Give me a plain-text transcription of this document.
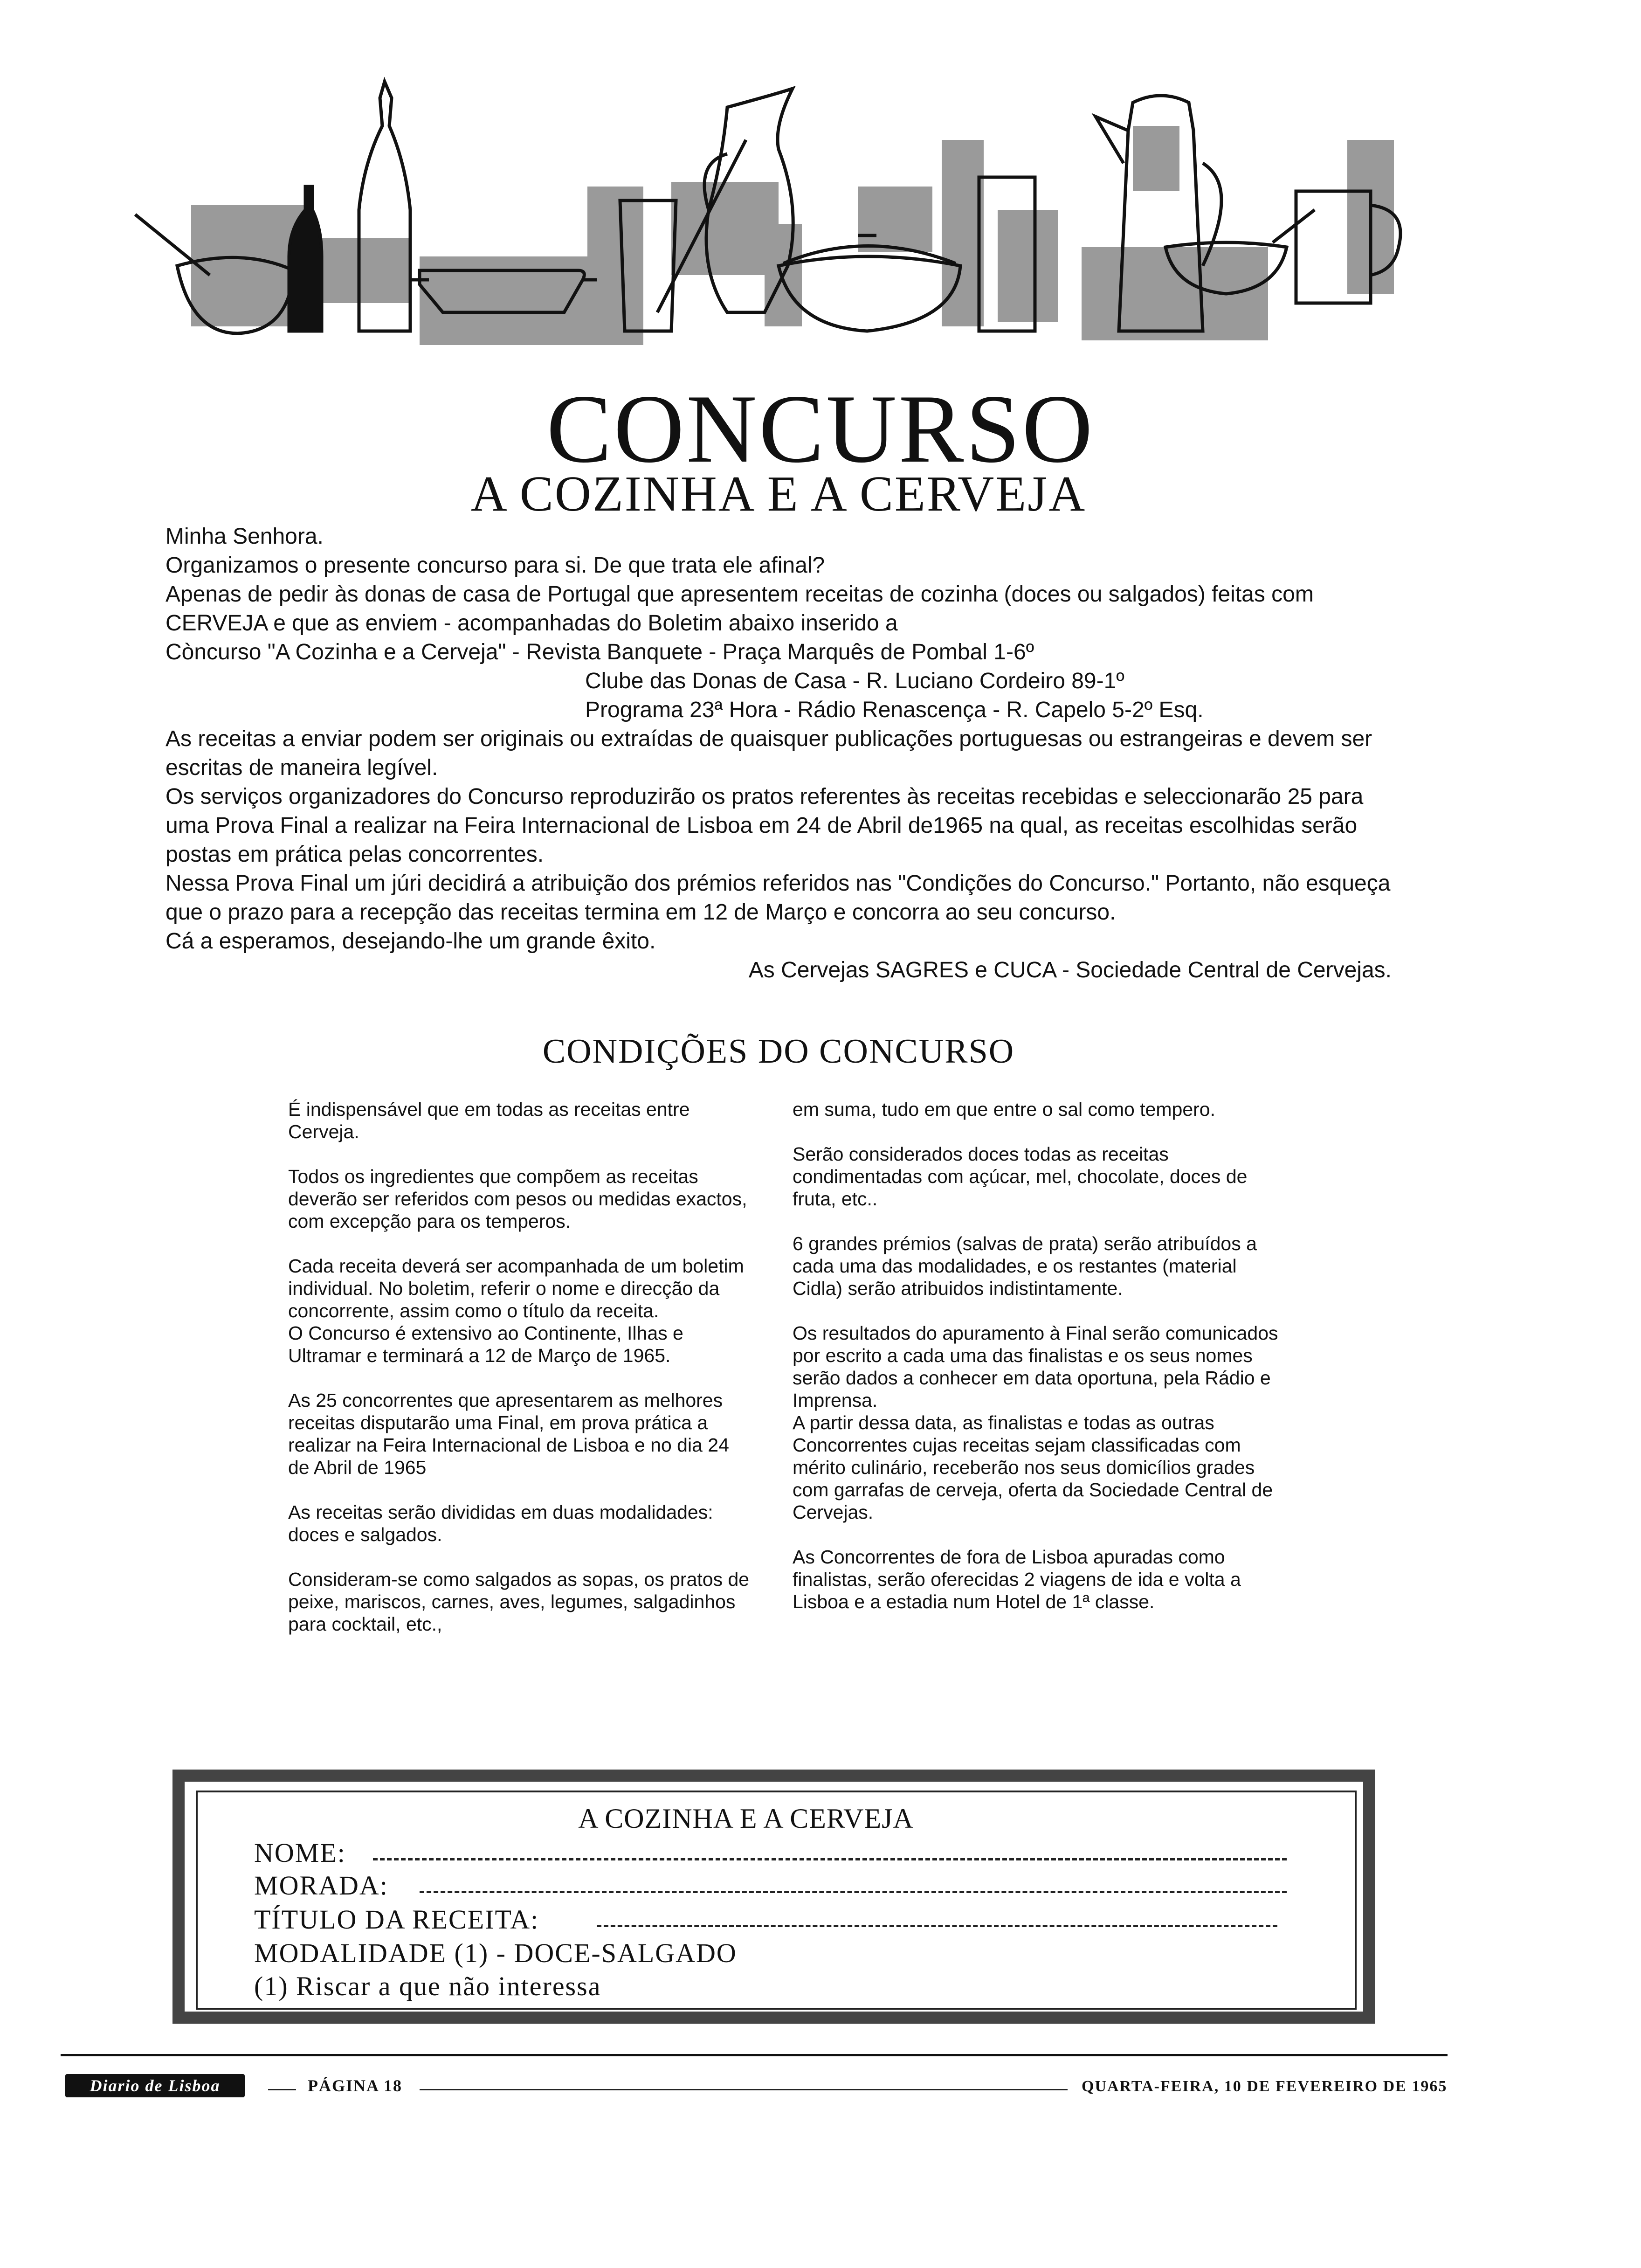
CONCURSO
A COZINHA E A CERVEJA

Minha Senhora.

Organizamos o presente concurso para si. De que trata ele afinal?

Apenas de pedir às donas de casa de Portugal que apresentem receitas de cozinha (doces ou salgados) feitas com CERVEJA e que as enviem - acompanhadas do Boletim abaixo inserido a

Còncurso "A Cozinha e a Cerveja" - Revista Banquete - Praça Marquês de Pombal 1-6º

Clube das Donas de Casa - R. Luciano Cordeiro 89-1º

Programa 23ª Hora - Rádio Renascença - R. Capelo 5-2º Esq.

As receitas a enviar podem ser originais ou extraídas de quaisquer publicações portuguesas ou estrangeiras e devem ser escritas de maneira legível.

Os serviços organizadores do Concurso reproduzirão os pratos referentes às receitas recebidas e seleccionarão 25 para uma Prova Final a realizar na Feira Internacional de Lisboa em 24 de Abril de1965 na qual, as receitas escolhidas serão postas em prática pelas concorrentes.

Nessa Prova Final um júri decidirá a atribuição dos prémios referidos nas "Condições do Concurso." Portanto, não esqueça que o prazo para a recepção das receitas termina em 12 de Março e concorra ao seu concurso.

Cá a esperamos, desejando-lhe um grande êxito.

As Cervejas SAGRES e CUCA - Sociedade Central de Cervejas.

CONDIÇÕES DO CONCURSO

É indispensável que em todas as receitas entre Cerveja.

Todos os ingredientes que compõem as receitas deverão ser referidos com pesos ou medidas exactos, com excepção para os temperos.

Cada receita deverá ser acompanhada de um boletim individual. No boletim, referir o nome e direcção da concorrente, assim como o título da receita.

O Concurso é extensivo ao Continente, Ilhas e Ultramar e terminará a 12 de Março de 1965.

As 25 concorrentes que apresentarem as melhores receitas disputarão uma Final, em prova prática a realizar na Feira Internacional de Lisboa e no dia 24 de Abril de 1965

As receitas serão divididas em duas modalidades: doces e salgados.

Consideram-se como salgados as sopas, os pratos de peixe, mariscos, carnes, aves, legumes, salgadinhos para cocktail, etc.,

em suma, tudo em que entre o sal como tempero.

Serão considerados doces todas as receitas condimentadas com açúcar, mel, chocolate, doces de fruta, etc..

6 grandes prémios (salvas de prata) serão atribuídos a cada uma das modalidades, e os restantes (material Cidla) serão atribuidos indistintamente.

Os resultados do apuramento à Final serão comunicados por escrito a cada uma das finalistas e os seus nomes serão dados a conhecer em data oportuna, pela Rádio e Imprensa.

A partir dessa data, as finalistas e todas as outras Concorrentes cujas receitas sejam classificadas com mérito culinário, receberão nos seus domicílios grades com garrafas de cerveja, oferta da Sociedade Central de Cervejas.

As Concorrentes de fora de Lisboa apuradas como finalistas, serão oferecidas 2 viagens de ida e volta a Lisboa e a estadia num Hotel de 1ª classe.

A COZINHA E A CERVEJA
NOME:
MORADA:
TÍTULO DA RECEITA:
MODALIDADE (1) - DOCE-SALGADO
(1) Riscar a que não interessa
Diario de Lisboa	PÁGINA 18	QUARTA-FEIRA, 10 DE FEVEREIRO DE 1965
